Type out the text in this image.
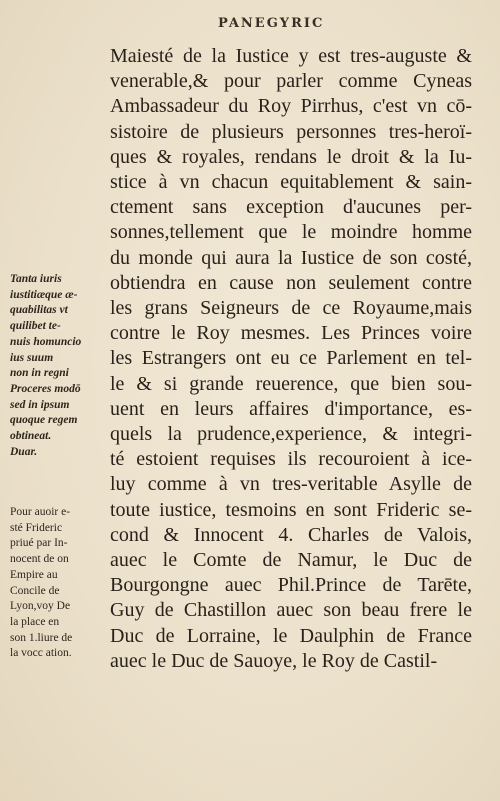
PANEGYRIC
Maiesté de la Iustice y est tres-auguste &
venerable,& pour parler comme Cyneas
Ambassadeur du Roy Pirrhus, c'est vn cō-
sistoire de plusieurs personnes tres-heroï-
ques & royales, rendans le droit & la Iu-
stice à vn chacun equitablement & sain-
ctement sans exception d'aucunes per-
sonnes,tellement que le moindre homme
du monde qui aura la Iustice de son costé,
obtiendra en cause non seulement contre
les grans Seigneurs de ce Royaume,mais
contre le Roy mesmes. Les Princes voire
les Estrangers ont eu ce Parlement en tel-
le & si grande reuerence, que bien sou-
uent en leurs affaires d'importance, es-
quels la prudence,experience, & integri-
té estoient requises ils recouroient à ice-
luy comme à vn tres-veritable Asylle de
toute iustice, tesmoins en sont Frideric se-
cond & Innocent 4. Charles de Valois,
auec le Comte de Namur, le Duc de
Bourgongne auec Phil.Prince de Tarēte,
Guy de Chastillon auec son beau frere le
Duc de Lorraine, le Daulphin de France
auec le Duc de Sauoye, le Roy de Castil-
Tanta iuris
iustitiæque æ-
quabilitas vt
quilibet te-
nuis homuncio
ius suum
non in regni
Proceres modō
sed in ipsum
quoque regem
obtineat.
Duar.
Pour auoir e-
sté Frideric
priué par In-
nocent de on
Empire au
Concile de
Lyon,voy De
la place en
son 1.liure de
la vocc ation.
